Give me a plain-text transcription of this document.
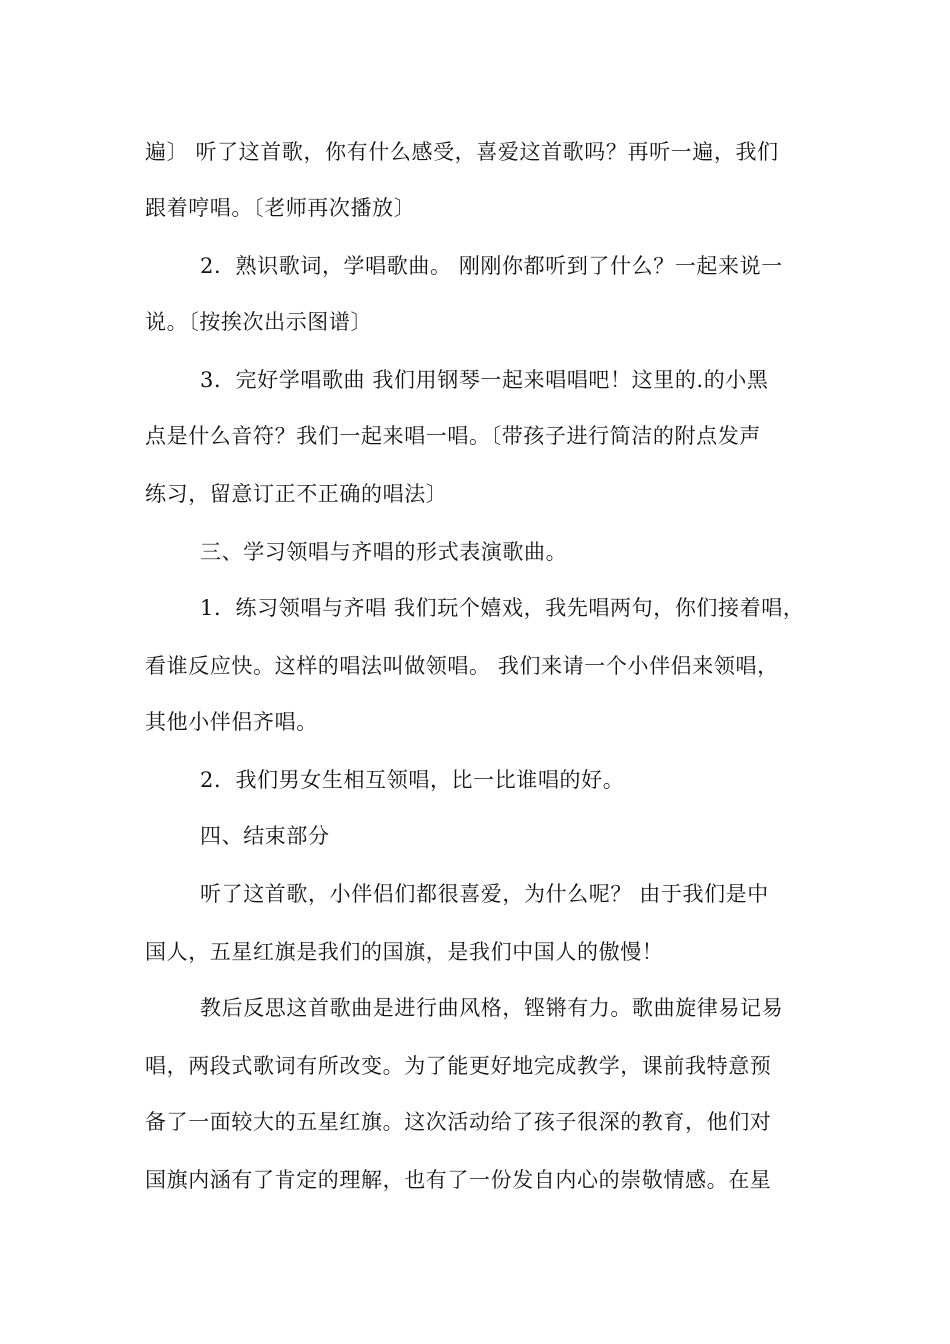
遍〕 听了这首歌，你有什么感受，喜爱这首歌吗？再听一遍，我们
跟着哼唱。〔老师再次播放〕
2．熟识歌词，学唱歌曲。 刚刚你都听到了什么？一起来说一
说。〔按挨次出示图谱〕
3．完好学唱歌曲 我们用钢琴一起来唱唱吧！这里的.的小黑
点是什么音符？我们一起来唱一唱。〔带孩子进行简洁的附点发声
练习，留意订正不正确的唱法〕
三、学习领唱与齐唱的形式表演歌曲。
1．练习领唱与齐唱 我们玩个嬉戏，我先唱两句，你们接着唱，
看谁反应快。这样的唱法叫做领唱。 我们来请一个小伴侣来领唱，
其他小伴侣齐唱。
2．我们男女生相互领唱，比一比谁唱的好。
四、结束部分
听了这首歌，小伴侣们都很喜爱，为什么呢？ 由于我们是中
国人，五星红旗是我们的国旗，是我们中国人的傲慢！
教后反思这首歌曲是进行曲风格，铿锵有力。歌曲旋律易记易
唱，两段式歌词有所改变。为了能更好地完成教学，课前我特意预
备了一面较大的五星红旗。这次活动给了孩子很深的教育，他们对
国旗内涵有了肯定的理解，也有了一份发自内心的崇敬情感。在星
